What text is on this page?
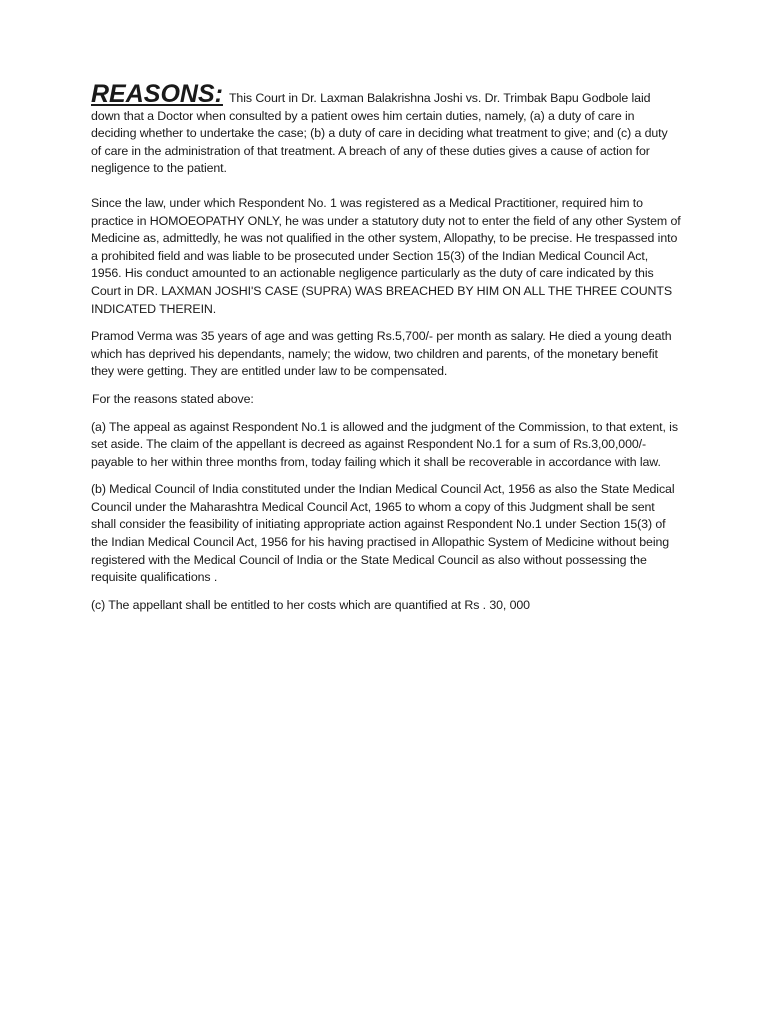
REASONS: This Court in Dr. Laxman Balakrishna Joshi vs. Dr. Trimbak Bapu Godbole laid down that a Doctor when consulted by a patient owes him certain duties, namely, (a) a duty of care in deciding whether to undertake the case; (b) a duty of care in deciding what treatment to give; and (c) a duty of care in the administration of that treatment. A breach of any of these duties gives a cause of action for negligence to the patient.

Since the law, under which Respondent No. 1 was registered as a Medical Practitioner, required him to practice in HOMOEOPATHY ONLY, he was under a statutory duty not to enter the field of any other System of Medicine as, admittedly, he was not qualified in the other system, Allopathy, to be precise. He trespassed into a prohibited field and was liable to be prosecuted under Section 15(3) of the Indian Medical Council Act, 1956. His conduct amounted to an actionable negligence particularly as the duty of care indicated by this Court in DR. LAXMAN JOSHI'S CASE (SUPRA) WAS BREACHED BY HIM ON ALL THE THREE COUNTS INDICATED THEREIN.

Pramod Verma was 35 years of age and was getting Rs.5,700/- per month as salary. He died a young death which has deprived his dependants, namely; the widow, two children and parents, of the monetary benefit they were getting. They are entitled under law to be compensated.

For the reasons stated above:

(a) The appeal as against Respondent No.1 is allowed and the judgment of the Commission, to that extent, is set aside. The claim of the appellant is decreed as against Respondent No.1 for a sum of Rs.3,00,000/- payable to her within three months from, today failing which it shall be recoverable in accordance with law.

(b) Medical Council of India constituted under the Indian Medical Council Act, 1956 as also the State Medical Council under the Maharashtra Medical Council Act, 1965 to whom a copy of this Judgment shall be sent shall consider the feasibility of initiating appropriate action against Respondent No.1 under Section 15(3) of the Indian Medical Council Act, 1956 for his having practised in Allopathic System of Medicine without being registered with the Medical Council of India or the State Medical Council as also without possessing the requisite qualifications .

(c) The appellant shall be entitled to her costs which are quantified at Rs . 30, 000
